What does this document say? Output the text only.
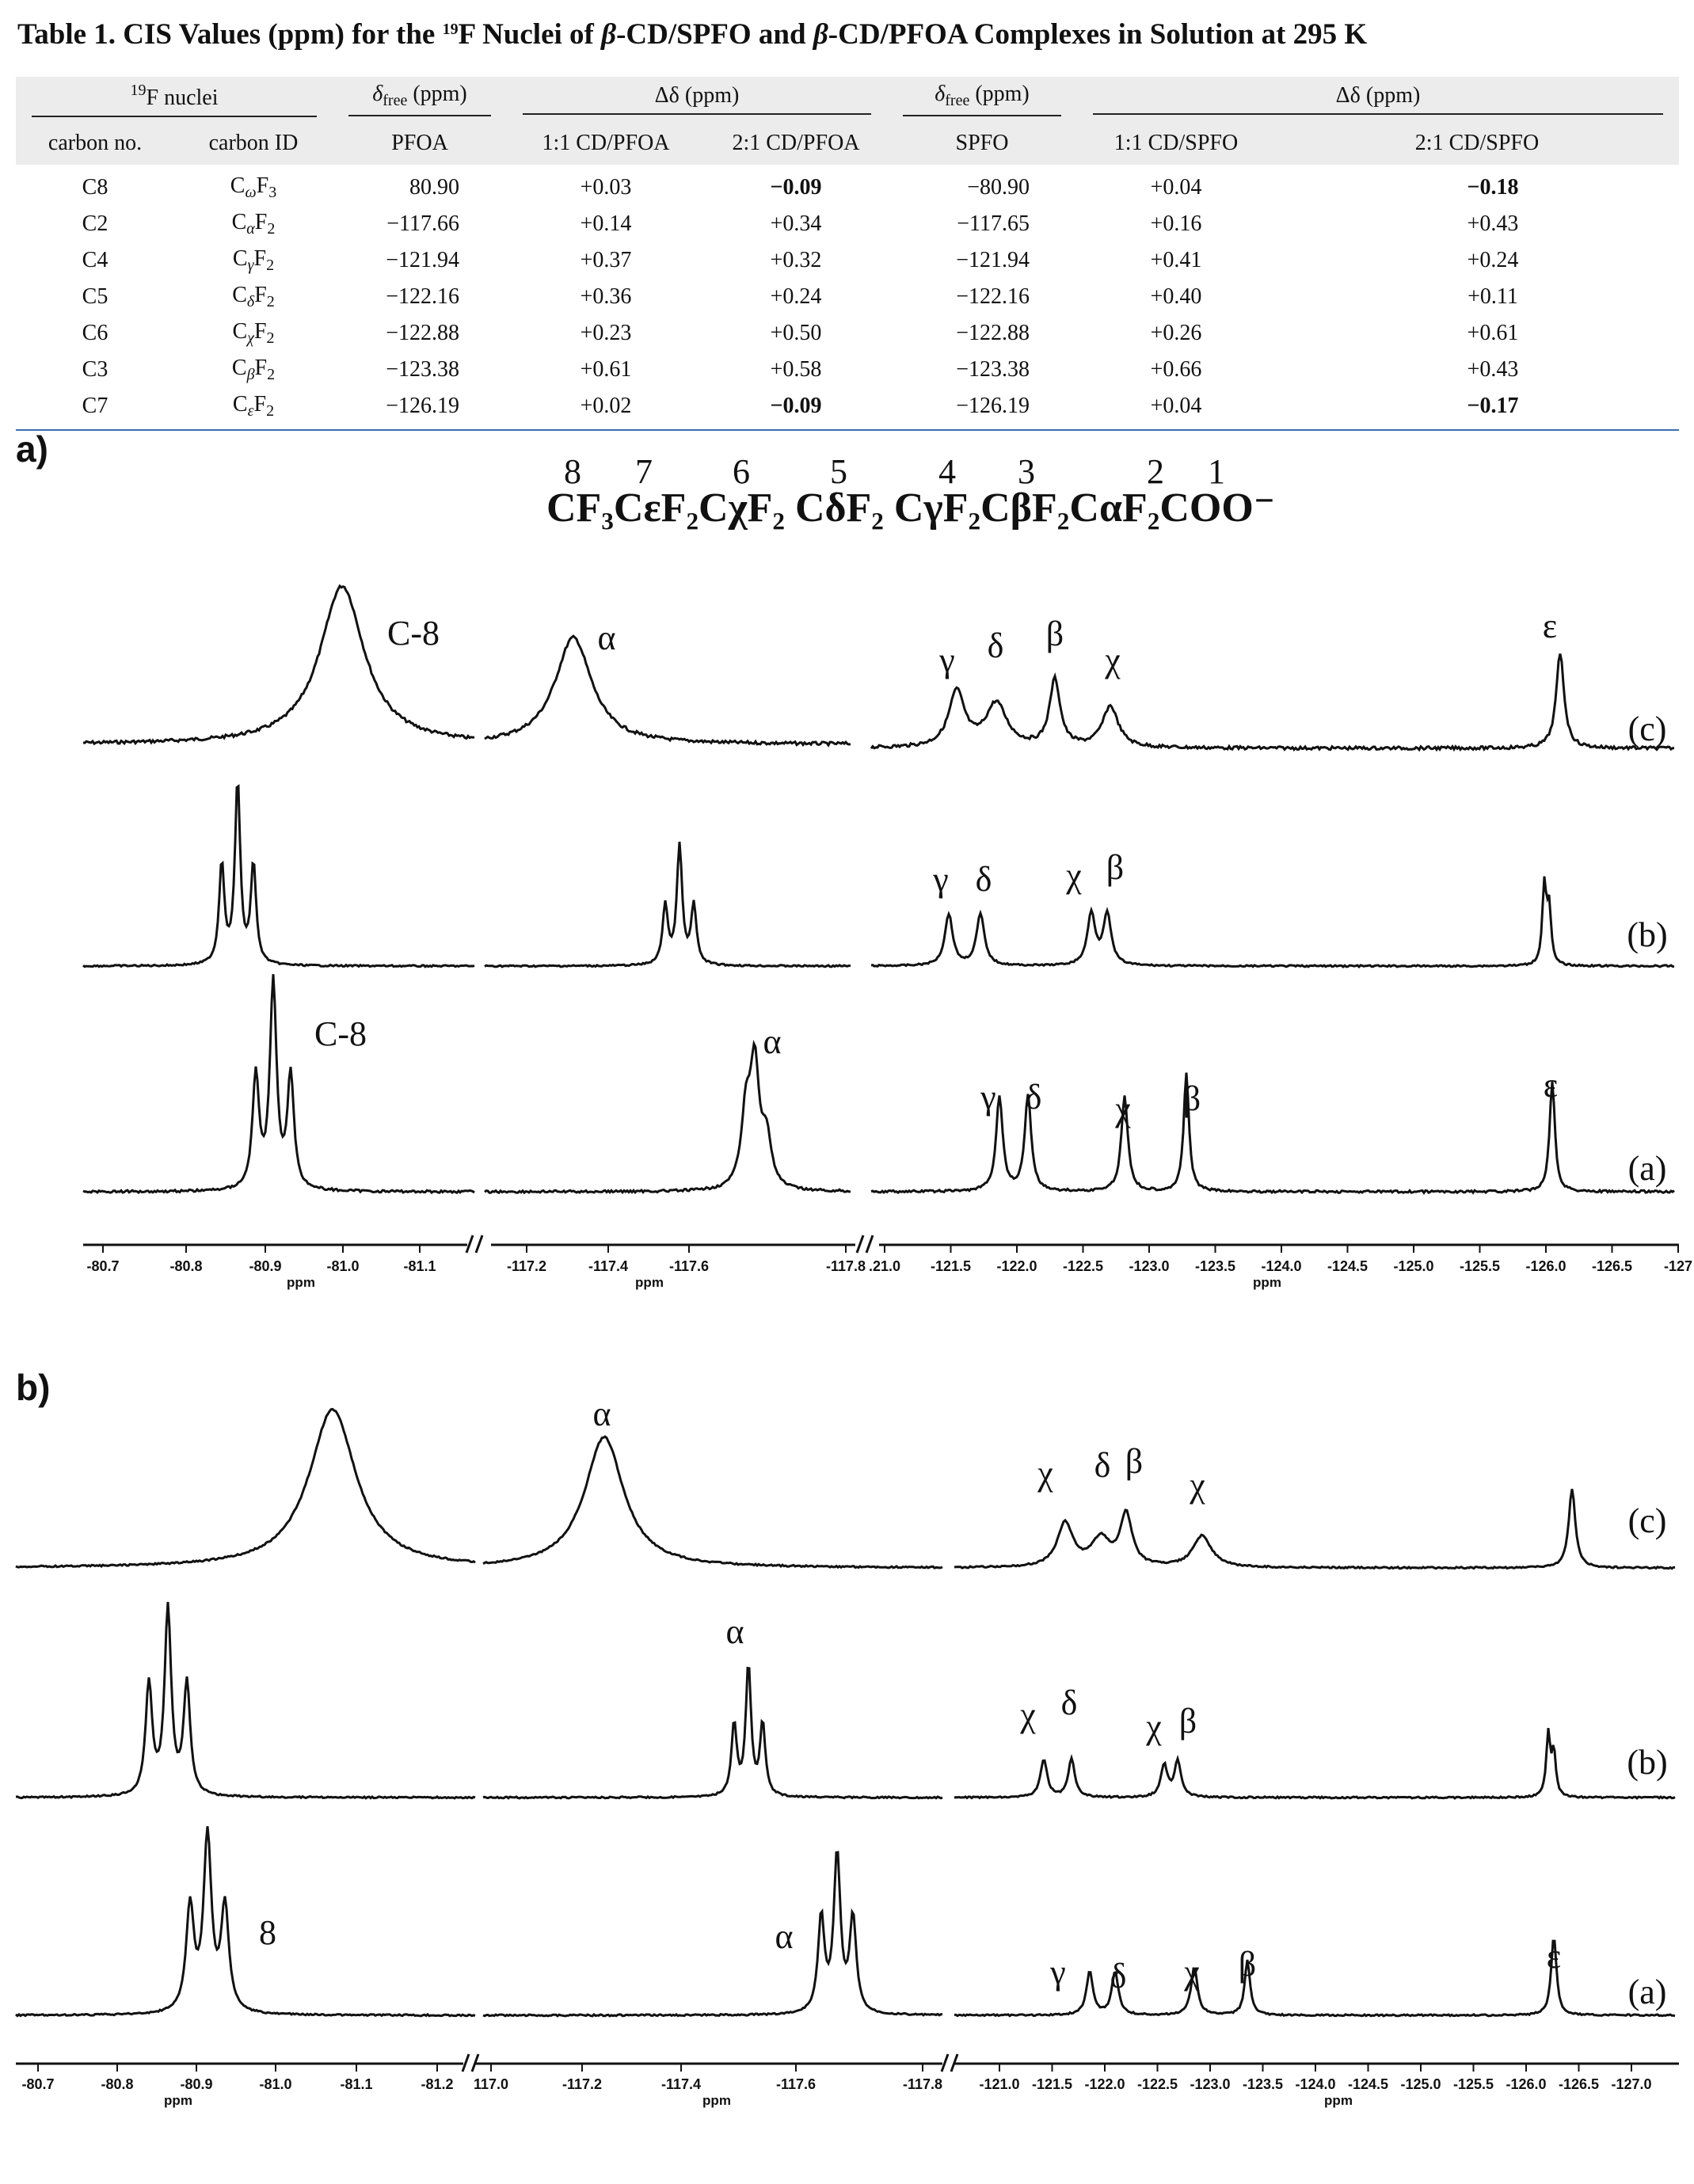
Table 1. CIS Values (ppm) for the $^{19}$F Nuclei of β-CD/SPFO and β-CD/PFOA Complexes in Solution at 295 K
$^{19}$F nuclei		$\delta_{free}$ (ppm)	Δδ (ppm)		$\delta_{free}$ (ppm)	Δδ (ppm)	

carbon no.	carbon ID	PFOA	1:1 CD/PFOA	2:1 CD/PFOA	SPFO	1:1 CD/SPFO	2:1 CD/SPFO
C8	$C_\omega F_3$	80.90	+0.03	−0.09	−80.90	+0.04	−0.18
C2	$C_\alpha F_2$	−117.66	+0.14	+0.34	−117.65	+0.16	+0.43
C4	$C_\gamma F_2$	−121.94	+0.37	+0.32	−121.94	+0.41	+0.24
C5	$C_\delta F_2$	−122.16	+0.36	+0.24	−122.16	+0.40	+0.11
C6	$C_\chi F_2$	−122.88	+0.23	+0.50	−122.88	+0.26	+0.61
C3	$C_\beta F_2$	−123.38	+0.61	+0.58	−123.38	+0.66	+0.43
C7	$C_\varepsilon F_2$	−126.19	+0.02	−0.09	−126.19	+0.04	−0.17
a)
b)
8 7 6 5	4 3	2 1
CF₃CεF₂CχF₂ CδF₂ CγF₂CβF₂CαF₂COO⁻
C-8	α
γ δ β
χ
ε
γ δ χ β
C-8	α
γ δ χ β	ε
(c)
(b)
(a)
-80.7	-80.8	-80.9	-81.0	-81.1	-117.2	-117.4	-117.6	-117.8 .21.0 -121.5 -122.0 -122.5 -123.0 -123.5 -124.0 -124.5 -125.0 -125.5 -126.0 -126.5 -127
ppm	ppm	ppm
α
χ δ β
χ
α
χ δ
χ β
8	α
γ δ χ β	ε
(c)
(b)
(a)
-80.7	-80.8	-80.9	-81.0	-81.1	-81.2 117.0	-117.2	-117.4	-117.6	-117.8	-121.0 -121.5 -122.0 -122.5 -123.0 -123.5 -124.0 -124.5 -125.0 -125.5 -126.0 -126.5 -127.0
ppm	ppm	ppm
